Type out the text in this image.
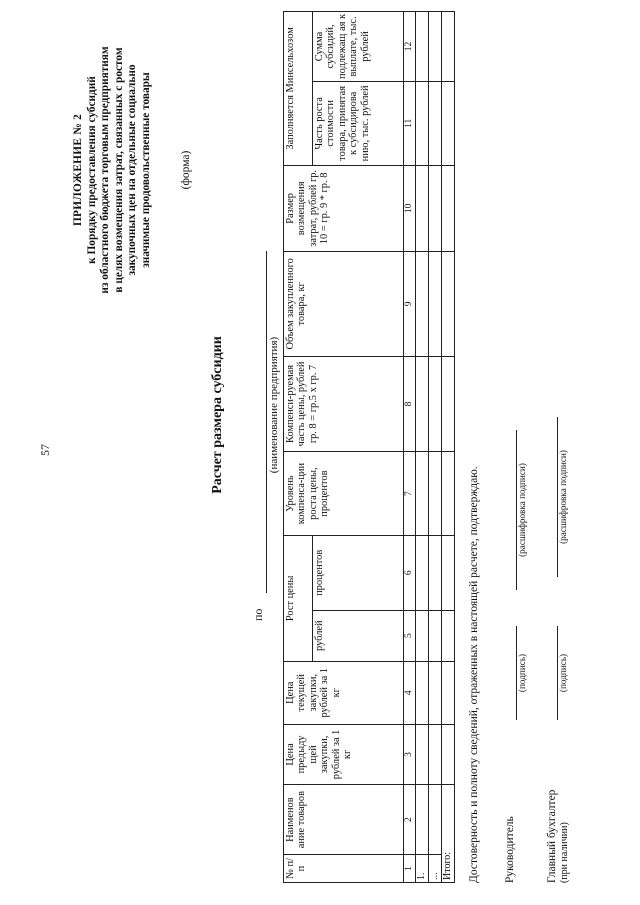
57
ПРИЛОЖЕНИЕ № 2 к Порядку предоставления субсидий из областного бюджета торговым предприятиям в целях возмещения затрат, связанных с ростом закупочных цен на отдельные социально значимые продовольственные товары (форма)
Расчет размера субсидии
по
(наименование предприятия)
№ п/п	Наименов ание товаров	Цена предыду щей закупки, рублей за 1 кг	Цена текущей закупки, рублей за 1 кг	Рост цены		Уровень компенса-ции роста цены, процентов	Компенси-руемая часть цены, рублей гр. 8 = гр.5 x гр. 7	Объем закупленного товара, кг	Размер возмещения затрат, рублей гр. 10 = гр. 9 * гр. 8	Заполняется Минсельхозом	
				рублей	процентов					Часть роста стоимости товара, принятая к субсидирова нию, тыс. рублей	Сумма субсидий, подлежащ ая к выплате, тыс. рублей
1	2	3	4	5	6	7	8	9	10	11	12
1.											
...											
Итого:											Достоверность и полноту сведений, отраженных в настоящей расчете, подтверждаю. Руководитель
(подпись)
(расшифровка подписи)
Главный бухгалтер (при наличии)
(подпись)
(расшифровка подписи)
